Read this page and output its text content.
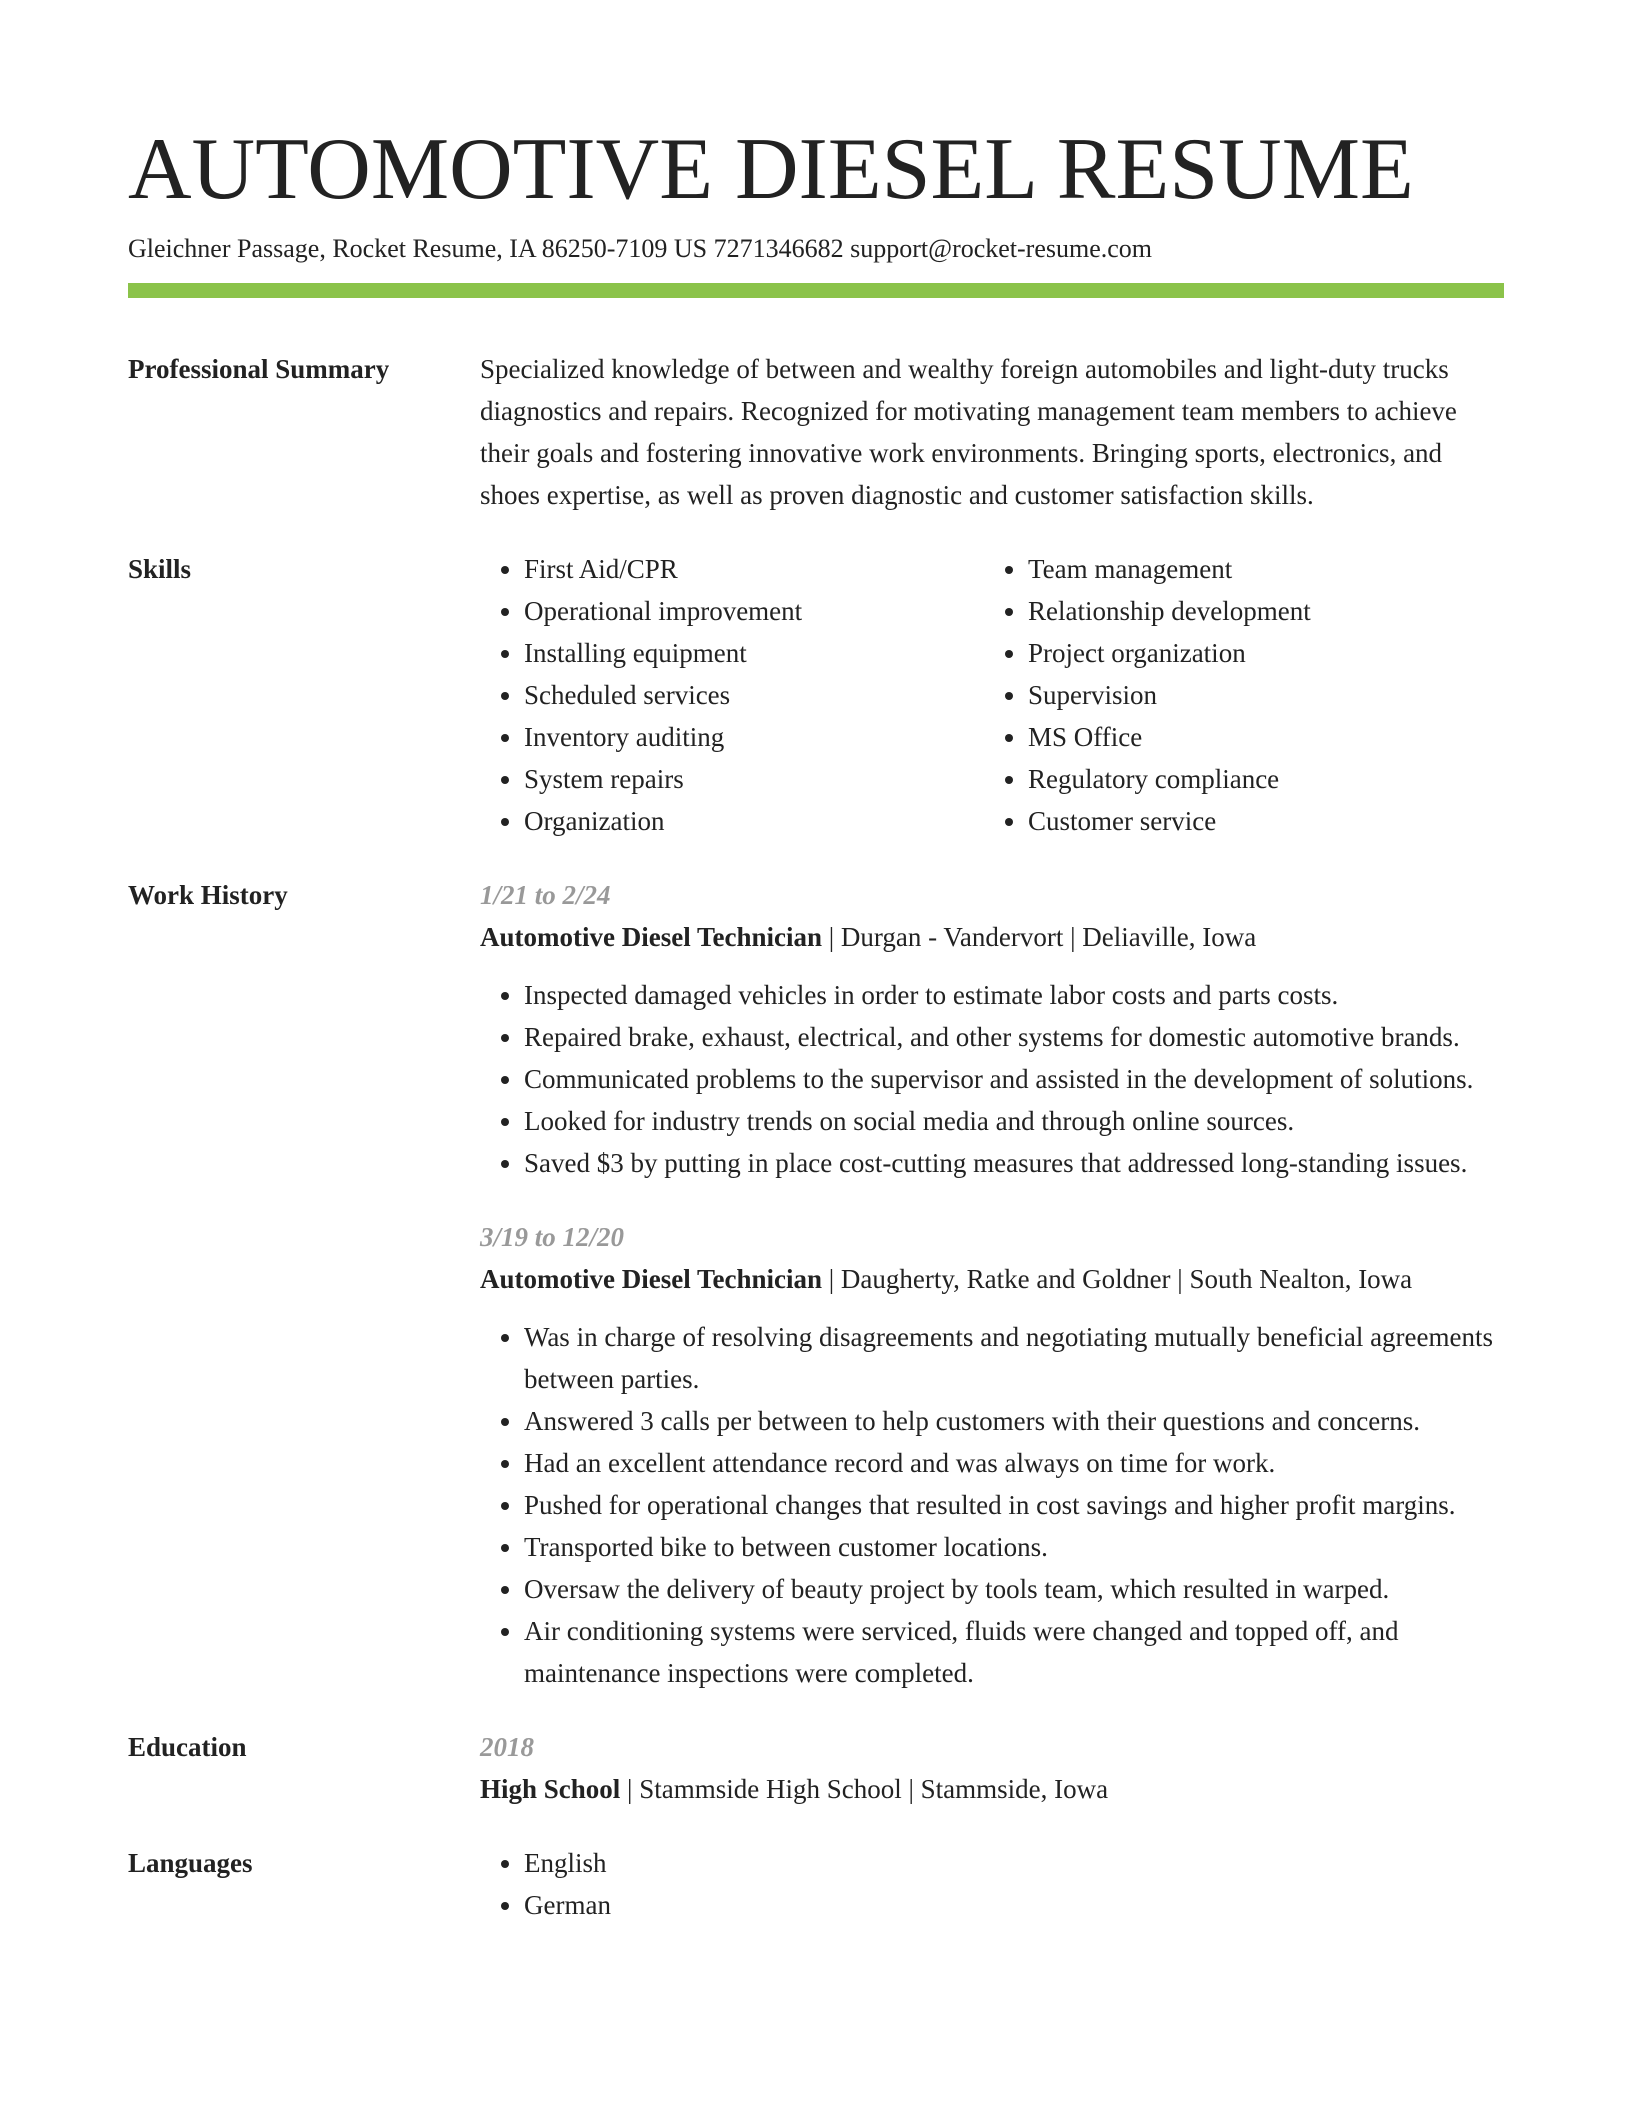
AUTOMOTIVE DIESEL RESUME
Gleichner Passage, Rocket Resume, IA 86250-7109 US 7271346682 support@rocket-resume.com
Professional Summary	Specialized knowledge of between and wealthy foreign automobiles and light-duty trucks diagnostics and repairs. Recognized for motivating management team members to achieve their goals and fostering innovative work environments. Bringing sports, electronics, and shoes expertise, as well as proven diagnostic and customer satisfaction skills.
Skills	• First Aid/CPR
• Operational improvement
• Installing equipment
• Scheduled services
• Inventory auditing
• System repairs
• Organization
• Team management
• Relationship development
• Project organization
• Supervision
• MS Office
• Regulatory compliance
• Customer service
Work History	1/21 to 2/24
Automotive Diesel Technician | Durgan - Vandervort | Deliaville, Iowa
• Inspected damaged vehicles in order to estimate labor costs and parts costs.
• Repaired brake, exhaust, electrical, and other systems for domestic automotive brands.
• Communicated problems to the supervisor and assisted in the development of solutions.
• Looked for industry trends on social media and through online sources.
• Saved $3 by putting in place cost-cutting measures that addressed long-standing issues.
3/19 to 12/20
Automotive Diesel Technician | Daugherty, Ratke and Goldner | South Nealton, Iowa
• Was in charge of resolving disagreements and negotiating mutually beneficial agreements between parties.
• Answered 3 calls per between to help customers with their questions and concerns.
• Had an excellent attendance record and was always on time for work.
• Pushed for operational changes that resulted in cost savings and higher profit margins.
• Transported bike to between customer locations.
• Oversaw the delivery of beauty project by tools team, which resulted in warped.
• Air conditioning systems were serviced, fluids were changed and topped off, and maintenance inspections were completed.
Education	2018
High School | Stammside High School | Stammside, Iowa
Languages	• English
• German
